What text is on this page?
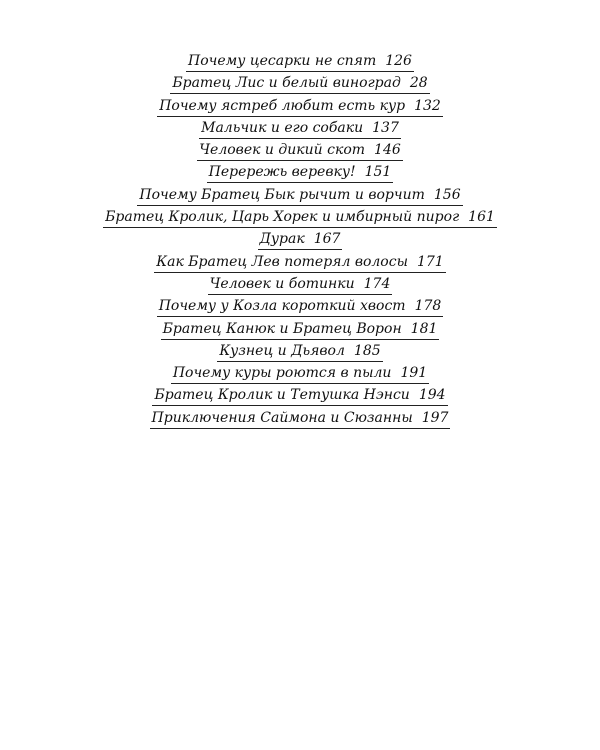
Почему цесарки не спят 126
Братец Лис и белый виноград 28
Почему ястреб любит есть кур 132
Мальчик и его собаки 137
Человек и дикий скот 146
Перережь веревку! 151
Почему Братец Бык рычит и ворчит 156
Братец Кролик, Царь Хорек и имбирный пирог 161
Дурак 167
Как Братец Лев потерял волосы 171
Человек и ботинки 174
Почему у Козла короткий хвост 178
Братец Канюк и Братец Ворон 181
Кузнец и Дьявол 185
Почему куры роются в пыли 191
Братец Кролик и Тетушка Нэнси 194
Приключения Саймона и Сюзанны 197
